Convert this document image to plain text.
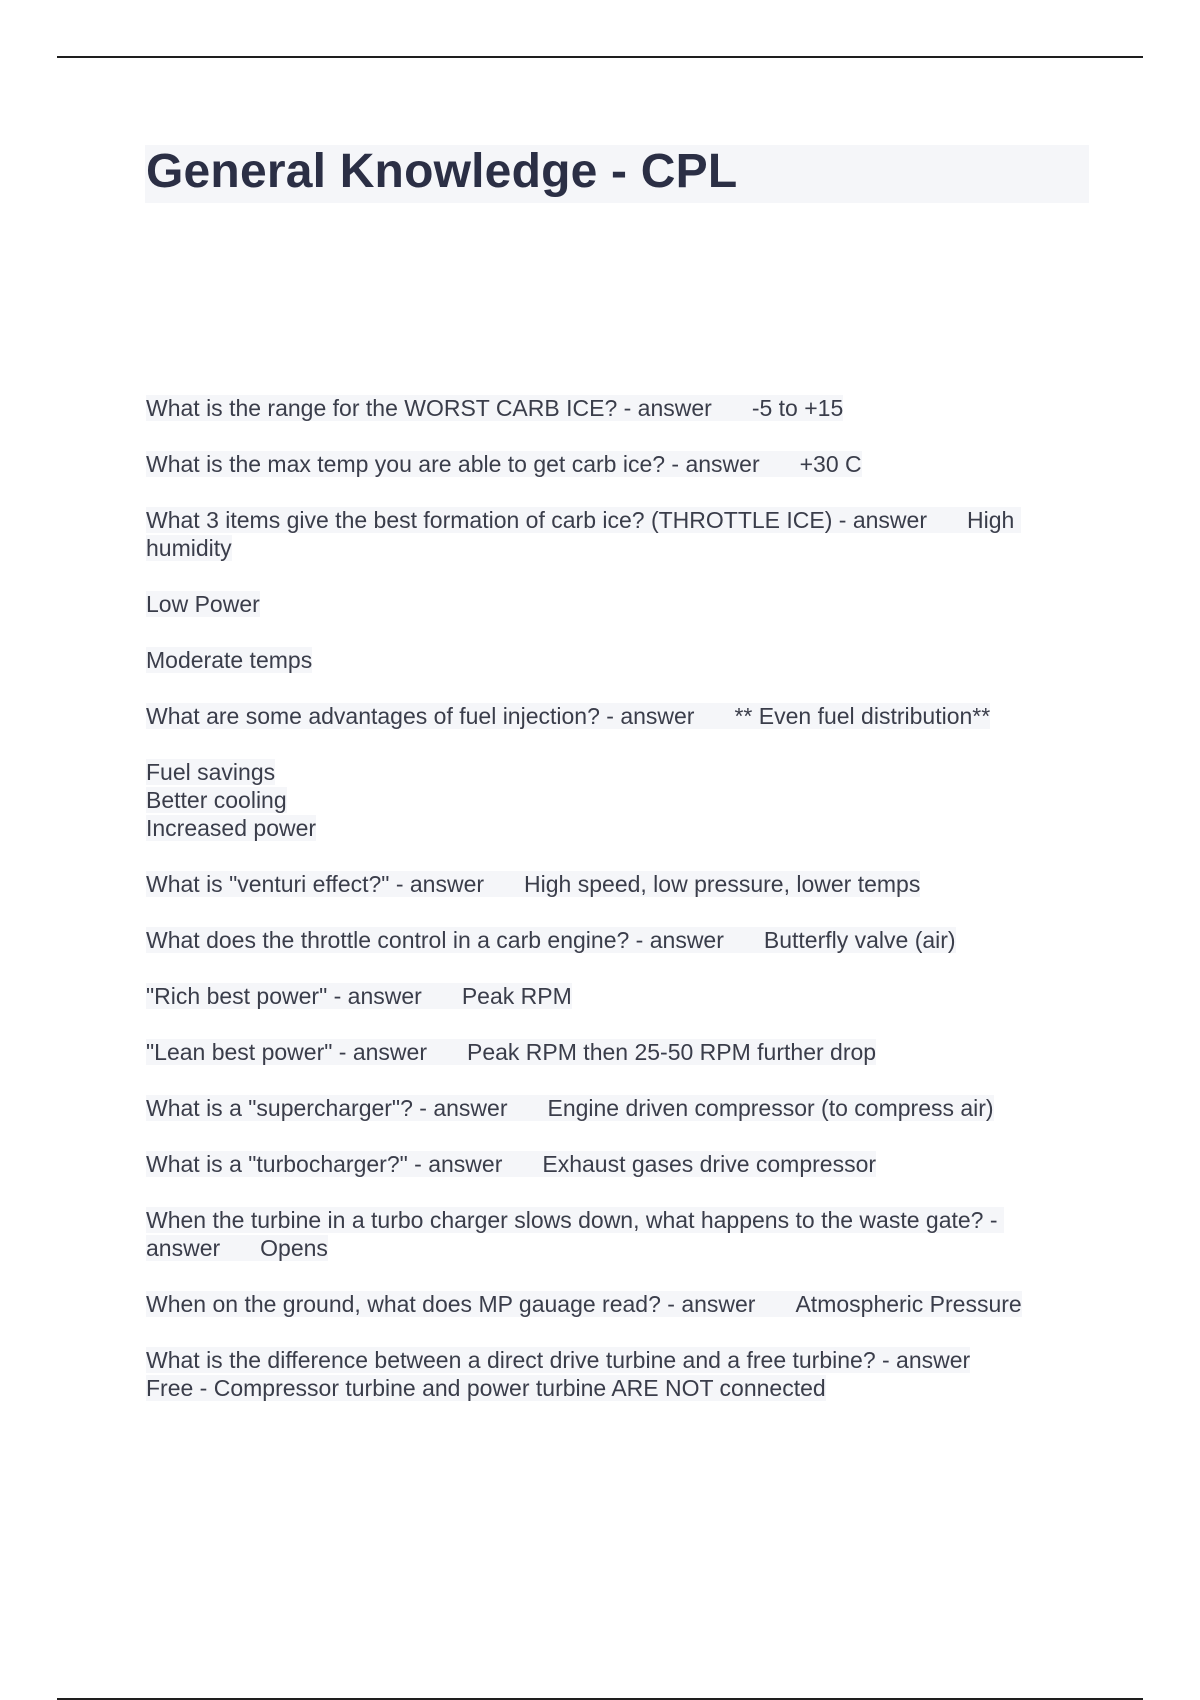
General Knowledge - CPL

What is the range for the WORST CARB ICE? - answer -5 to +15

What is the max temp you are able to get carb ice? - answer +30 C

What 3 items give the best formation of carb ice? (THROTTLE ICE) - answer High humidity

Low Power

Moderate temps

What are some advantages of fuel injection? - answer ** Even fuel distribution**

Fuel savings
Better cooling
Increased power

What is "venturi effect?" - answer High speed, low pressure, lower temps

What does the throttle control in a carb engine? - answer Butterfly valve (air)

"Rich best power" - answer Peak RPM

"Lean best power" - answer Peak RPM then 25-50 RPM further drop

What is a "supercharger"? - answer Engine driven compressor (to compress air)

What is a "turbocharger?" - answer Exhaust gases drive compressor

When the turbine in a turbo charger slows down, what happens to the waste gate? - answer Opens

When on the ground, what does MP gauage read? - answer Atmospheric Pressure

What is the difference between a direct drive turbine and a free turbine? - answer
Free - Compressor turbine and power turbine ARE NOT connected
